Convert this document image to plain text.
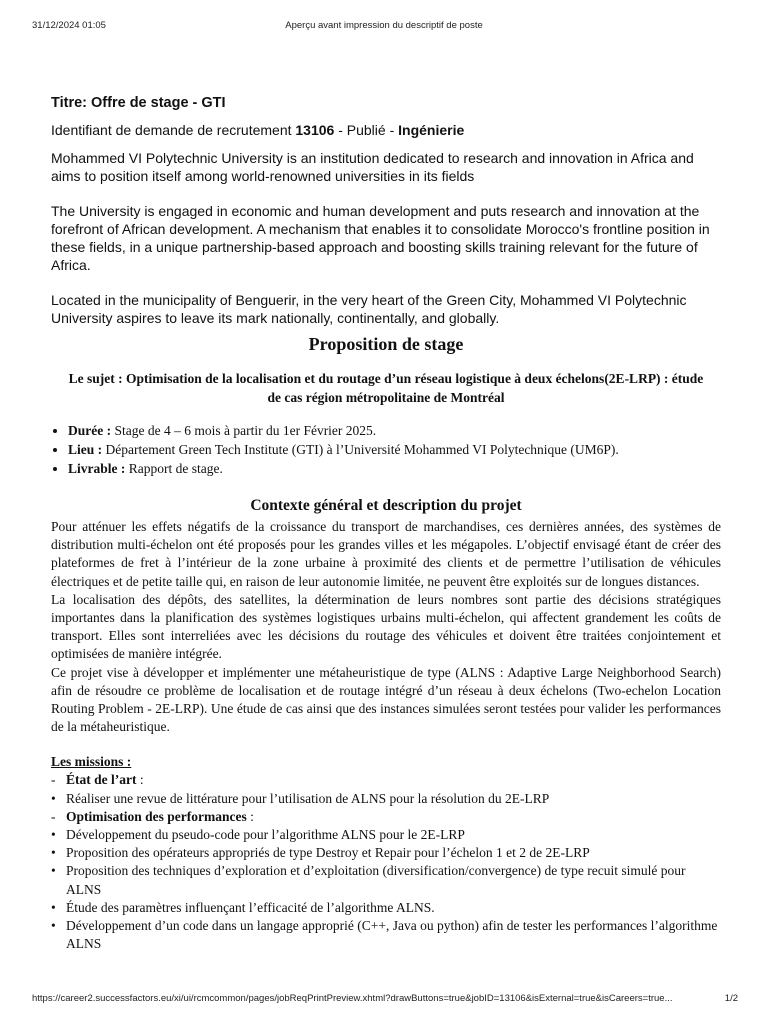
31/12/2024 01:05	Aperçu avant impression du descriptif de poste
Titre: Offre de stage - GTI
Identifiant de demande de recrutement 13106 - Publié - Ingénierie
Mohammed VI Polytechnic University is an institution dedicated to research and innovation in Africa and aims to position itself among world-renowned universities in its fields
The University is engaged in economic and human development and puts research and innovation at the forefront of African development. A mechanism that enables it to consolidate Morocco's frontline position in these fields, in a unique partnership-based approach and boosting skills training relevant for the future of Africa.
Located in the municipality of Benguerir, in the very heart of the Green City, Mohammed VI Polytechnic University aspires to leave its mark nationally, continentally, and globally.
Proposition de stage
Le sujet : Optimisation de la localisation et du routage d’un réseau logistique à deux échelons(2E-LRP) : étude de cas région métropolitaine de Montréal
• Durée : Stage de 4 – 6 mois à partir du 1er Février 2025.
• Lieu : Département Green Tech Institute (GTI) à l’Université Mohammed VI Polytechnique (UM6P).
• Livrable : Rapport de stage.
Contexte général et description du projet

Pour atténuer les effets négatifs de la croissance du transport de marchandises, ces dernières années, des systèmes de distribution multi-échelon ont été proposés pour les grandes villes et les mégapoles. L’objectif envisagé étant de créer des plateformes de fret à l’intérieur de la zone urbaine à proximité des clients et de permettre l’utilisation de véhicules électriques et de petite taille qui, en raison de leur autonomie limitée, ne peuvent être exploités sur de longues distances.

La localisation des dépôts, des satellites, la détermination de leurs nombres sont partie des décisions stratégiques importantes dans la planification des systèmes logistiques urbains multi-échelon, qui affectent grandement les coûts de transport. Elles sont interreliées avec les décisions du routage des véhicules et doivent être traitées conjointement et optimisées de manière intégrée.

Ce projet vise à développer et implémenter une métaheuristique de type (ALNS : Adaptive Large Neighborhood Search) afin de résoudre ce problème de localisation et de routage intégré d’un réseau à deux échelons (Two-echelon Location Routing Problem - 2E-LRP). Une étude de cas ainsi que des instances simulées seront testées pour valider les performances de la métaheuristique.

Les missions :
- État de l’art :
• Réaliser une revue de littérature pour l’utilisation de ALNS pour la résolution du 2E-LRP
- Optimisation des performances :
• Développement du pseudo-code pour l’algorithme ALNS pour le 2E-LRP
• Proposition des opérateurs appropriés de type Destroy et Repair pour l’échelon 1 et 2 de 2E-LRP
• Proposition des techniques d’exploration et d’exploitation (diversification/convergence) de type recuit simulé pour ALNS
• Étude des paramètres influençant l’efficacité de l’algorithme ALNS.
• Développement d’un code dans un langage approprié (C++, Java ou python) afin de tester les performances l’algorithme ALNS
https://career2.successfactors.eu/xi/ui/rcmcommon/pages/jobReqPrintPreview.xhtml?drawButtons=true&jobID=13106&isExternal=true&isCareers=true...	1/2
